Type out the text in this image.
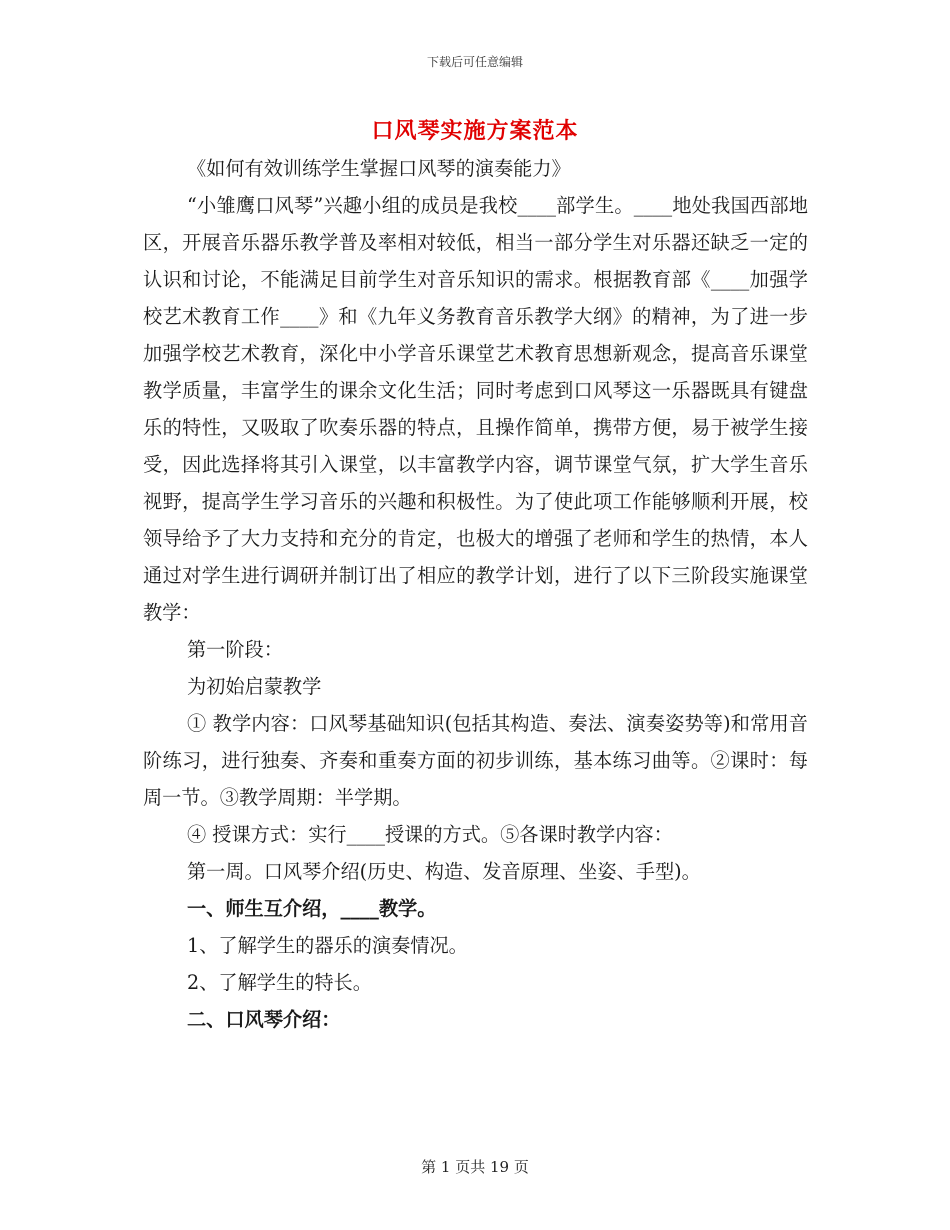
下载后可任意编辑
口风琴实施方案范本

《如何有效训练学生掌握口风琴的演奏能力》

“小雏鹰口风琴”兴趣小组的成员是我校____部学生。____地处我国西部地区，开展音乐器乐教学普及率相对较低，相当一部分学生对乐器还缺乏一定的认识和讨论，不能满足目前学生对音乐知识的需求。根据教育部《____加强学校艺术教育工作____》和《九年义务教育音乐教学大纲》的精神，为了进一步加强学校艺术教育，深化中小学音乐课堂艺术教育思想新观念，提高音乐课堂教学质量，丰富学生的课余文化生活；同时考虑到口风琴这一乐器既具有键盘乐的特性，又吸取了吹奏乐器的特点，且操作简单，携带方便，易于被学生接受，因此选择将其引入课堂，以丰富教学内容，调节课堂气氛，扩大学生音乐视野，提高学生学习音乐的兴趣和积极性。为了使此项工作能够顺利开展，校领导给予了大力支持和充分的肯定，也极大的增强了老师和学生的热情，本人通过对学生进行调研并制订出了相应的教学计划，进行了以下三阶段实施课堂教学：

第一阶段：

为初始启蒙教学

① 教学内容：口风琴基础知识(包括其构造、奏法、演奏姿势等)和常用音阶练习，进行独奏、齐奏和重奏方面的初步训练，基本练习曲等。②课时：每周一节。③教学周期：半学期。

④ 授课方式：实行____授课的方式。⑤各课时教学内容：

第一周。口风琴介绍(历史、构造、发音原理、坐姿、手型)。

一、师生互介绍，____教学。

1、了解学生的器乐的演奏情况。

2、了解学生的特长。

二、口风琴介绍：

第 1 页共 19 页
